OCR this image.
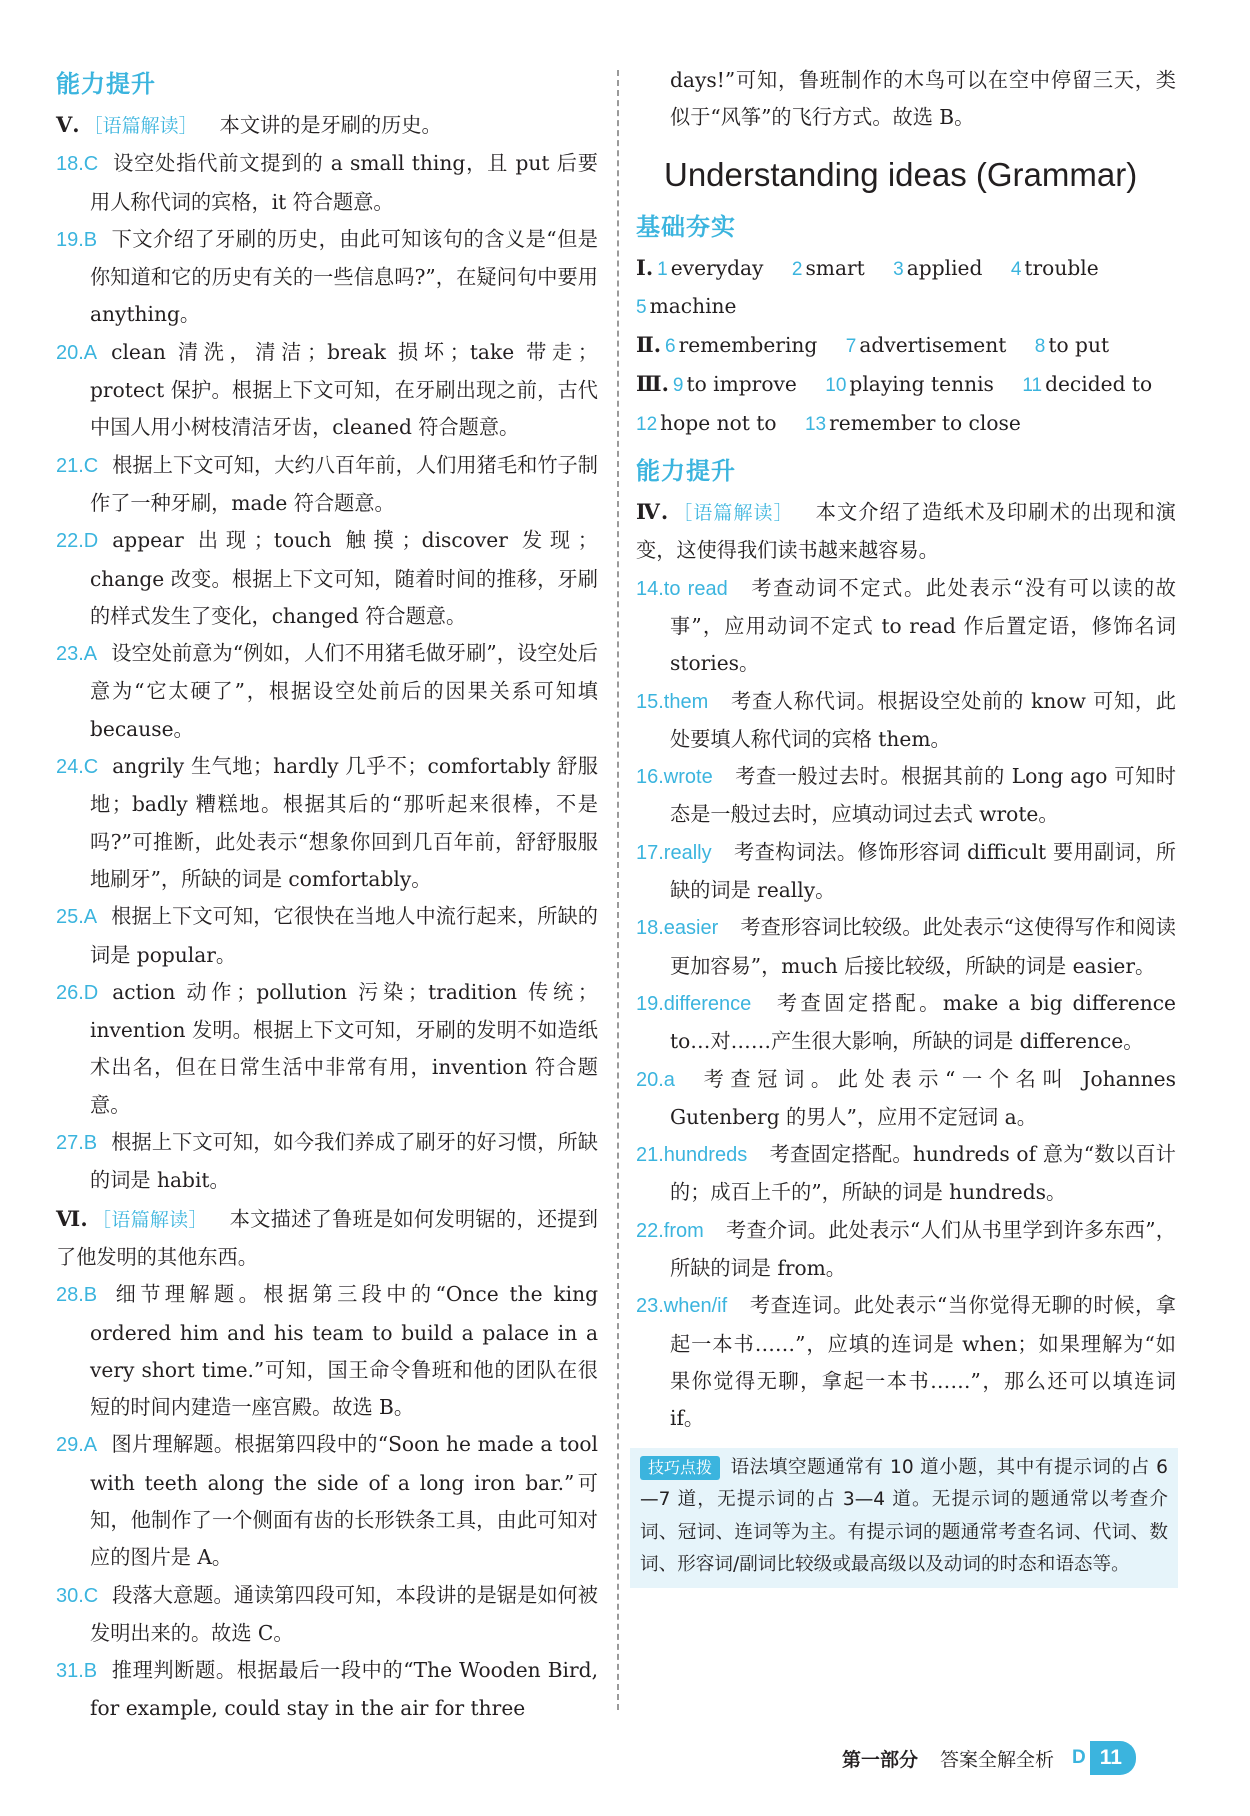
能力提升

Ⅴ. ［语篇解读］ 本文讲的是牙刷的历史。

18.C 设空处指代前文提到的 a small thing，且 put 后要用人称代词的宾格，it 符合题意。

19.B 下文介绍了牙刷的历史，由此可知该句的含义是“但是你知道和它的历史有关的一些信息吗?”，在疑问句中要用 anything。

20.A clean 清洗，清洁；break 损坏；take 带走；protect 保护。根据上下文可知，在牙刷出现之前，古代中国人用小树枝清洁牙齿，cleaned 符合题意。

21.C 根据上下文可知，大约八百年前，人们用猪毛和竹子制作了一种牙刷，made 符合题意。

22.D appear 出现；touch 触摸；discover 发现；change 改变。根据上下文可知，随着时间的推移，牙刷的样式发生了变化，changed 符合题意。

23.A 设空处前意为“例如，人们不用猪毛做牙刷”，设空处后意为“它太硬了”，根据设空处前后的因果关系可知填 because。

24.C angrily 生气地；hardly 几乎不；comfortably 舒服地；badly 糟糕地。根据其后的“那听起来很棒，不是吗?”可推断，此处表示“想象你回到几百年前，舒舒服服地刷牙”，所缺的词是 comfortably。

25.A 根据上下文可知，它很快在当地人中流行起来，所缺的词是 popular。

26.D action 动作；pollution 污染；tradition 传统；invention 发明。根据上下文可知，牙刷的发明不如造纸术出名，但在日常生活中非常有用，invention 符合题意。

27.B 根据上下文可知，如今我们养成了刷牙的好习惯，所缺的词是 habit。

Ⅵ. ［语篇解读］ 本文描述了鲁班是如何发明锯的，还提到了他发明的其他东西。

28.B 细节理解题。根据第三段中的“Once the king ordered him and his team to build a palace in a very short time.”可知，国王命令鲁班和他的团队在很短的时间内建造一座宫殿。故选 B。

29.A 图片理解题。根据第四段中的“Soon he made a tool with teeth along the side of a long iron bar.”可知，他制作了一个侧面有齿的长形铁条工具，由此可知对应的图片是 A。

30.C 段落大意题。通读第四段可知，本段讲的是锯是如何被发明出来的。故选 C。

31.B 推理判断题。根据最后一段中的“The Wooden Bird, for example, could stay in the air for three

days!”可知，鲁班制作的木鸟可以在空中停留三天，类似于“风筝”的飞行方式。故选 B。

Understanding ideas (Grammar)
基础夯实

Ⅰ. 1 everyday 2 smart 3 applied 4 trouble

5 machine

Ⅱ. 6 remembering 7 advertisement 8 to put

Ⅲ. 9 to improve 10 playing tennis 11 decided to

12 hope not to 13 remember to close

能力提升

Ⅳ. ［语篇解读］ 本文介绍了造纸术及印刷术的出现和演变，这使得我们读书越来越容易。

14.to read 考查动词不定式。此处表示“没有可以读的故事”，应用动词不定式 to read 作后置定语，修饰名词 stories。

15.them 考查人称代词。根据设空处前的 know 可知，此处要填人称代词的宾格 them。

16.wrote 考查一般过去时。根据其前的 Long ago 可知时态是一般过去时，应填动词过去式 wrote。

17.really 考查构词法。修饰形容词 difficult 要用副词，所缺的词是 really。

18.easier 考查形容词比较级。此处表示“这使得写作和阅读更加容易”，much 后接比较级，所缺的词是 easier。

19.difference 考查固定搭配。make a big difference to…对……产生很大影响，所缺的词是 difference。

20.a 考查冠词。此处表示“一个名叫 Johannes Gutenberg 的男人”，应用不定冠词 a。

21.hundreds 考查固定搭配。hundreds of 意为“数以百计的；成百上千的”，所缺的词是 hundreds。

22.from 考查介词。此处表示“人们从书里学到许多东西”，所缺的词是 from。

23.when/if 考查连词。此处表示“当你觉得无聊的时候，拿起一本书……”，应填的连词是 when；如果理解为“如果你觉得无聊，拿起一本书……”，那么还可以填连词 if。

技巧点拨 语法填空题通常有 10 道小题，其中有提示词的占 6—7 道，无提示词的占 3—4 道。无提示词的题通常以考查介词、冠词、连词等为主。有提示词的题通常考查名词、代词、数词、形容词/副词比较级或最高级以及动词的时态和语态等。
第一部分 答案全解全析 D 11
